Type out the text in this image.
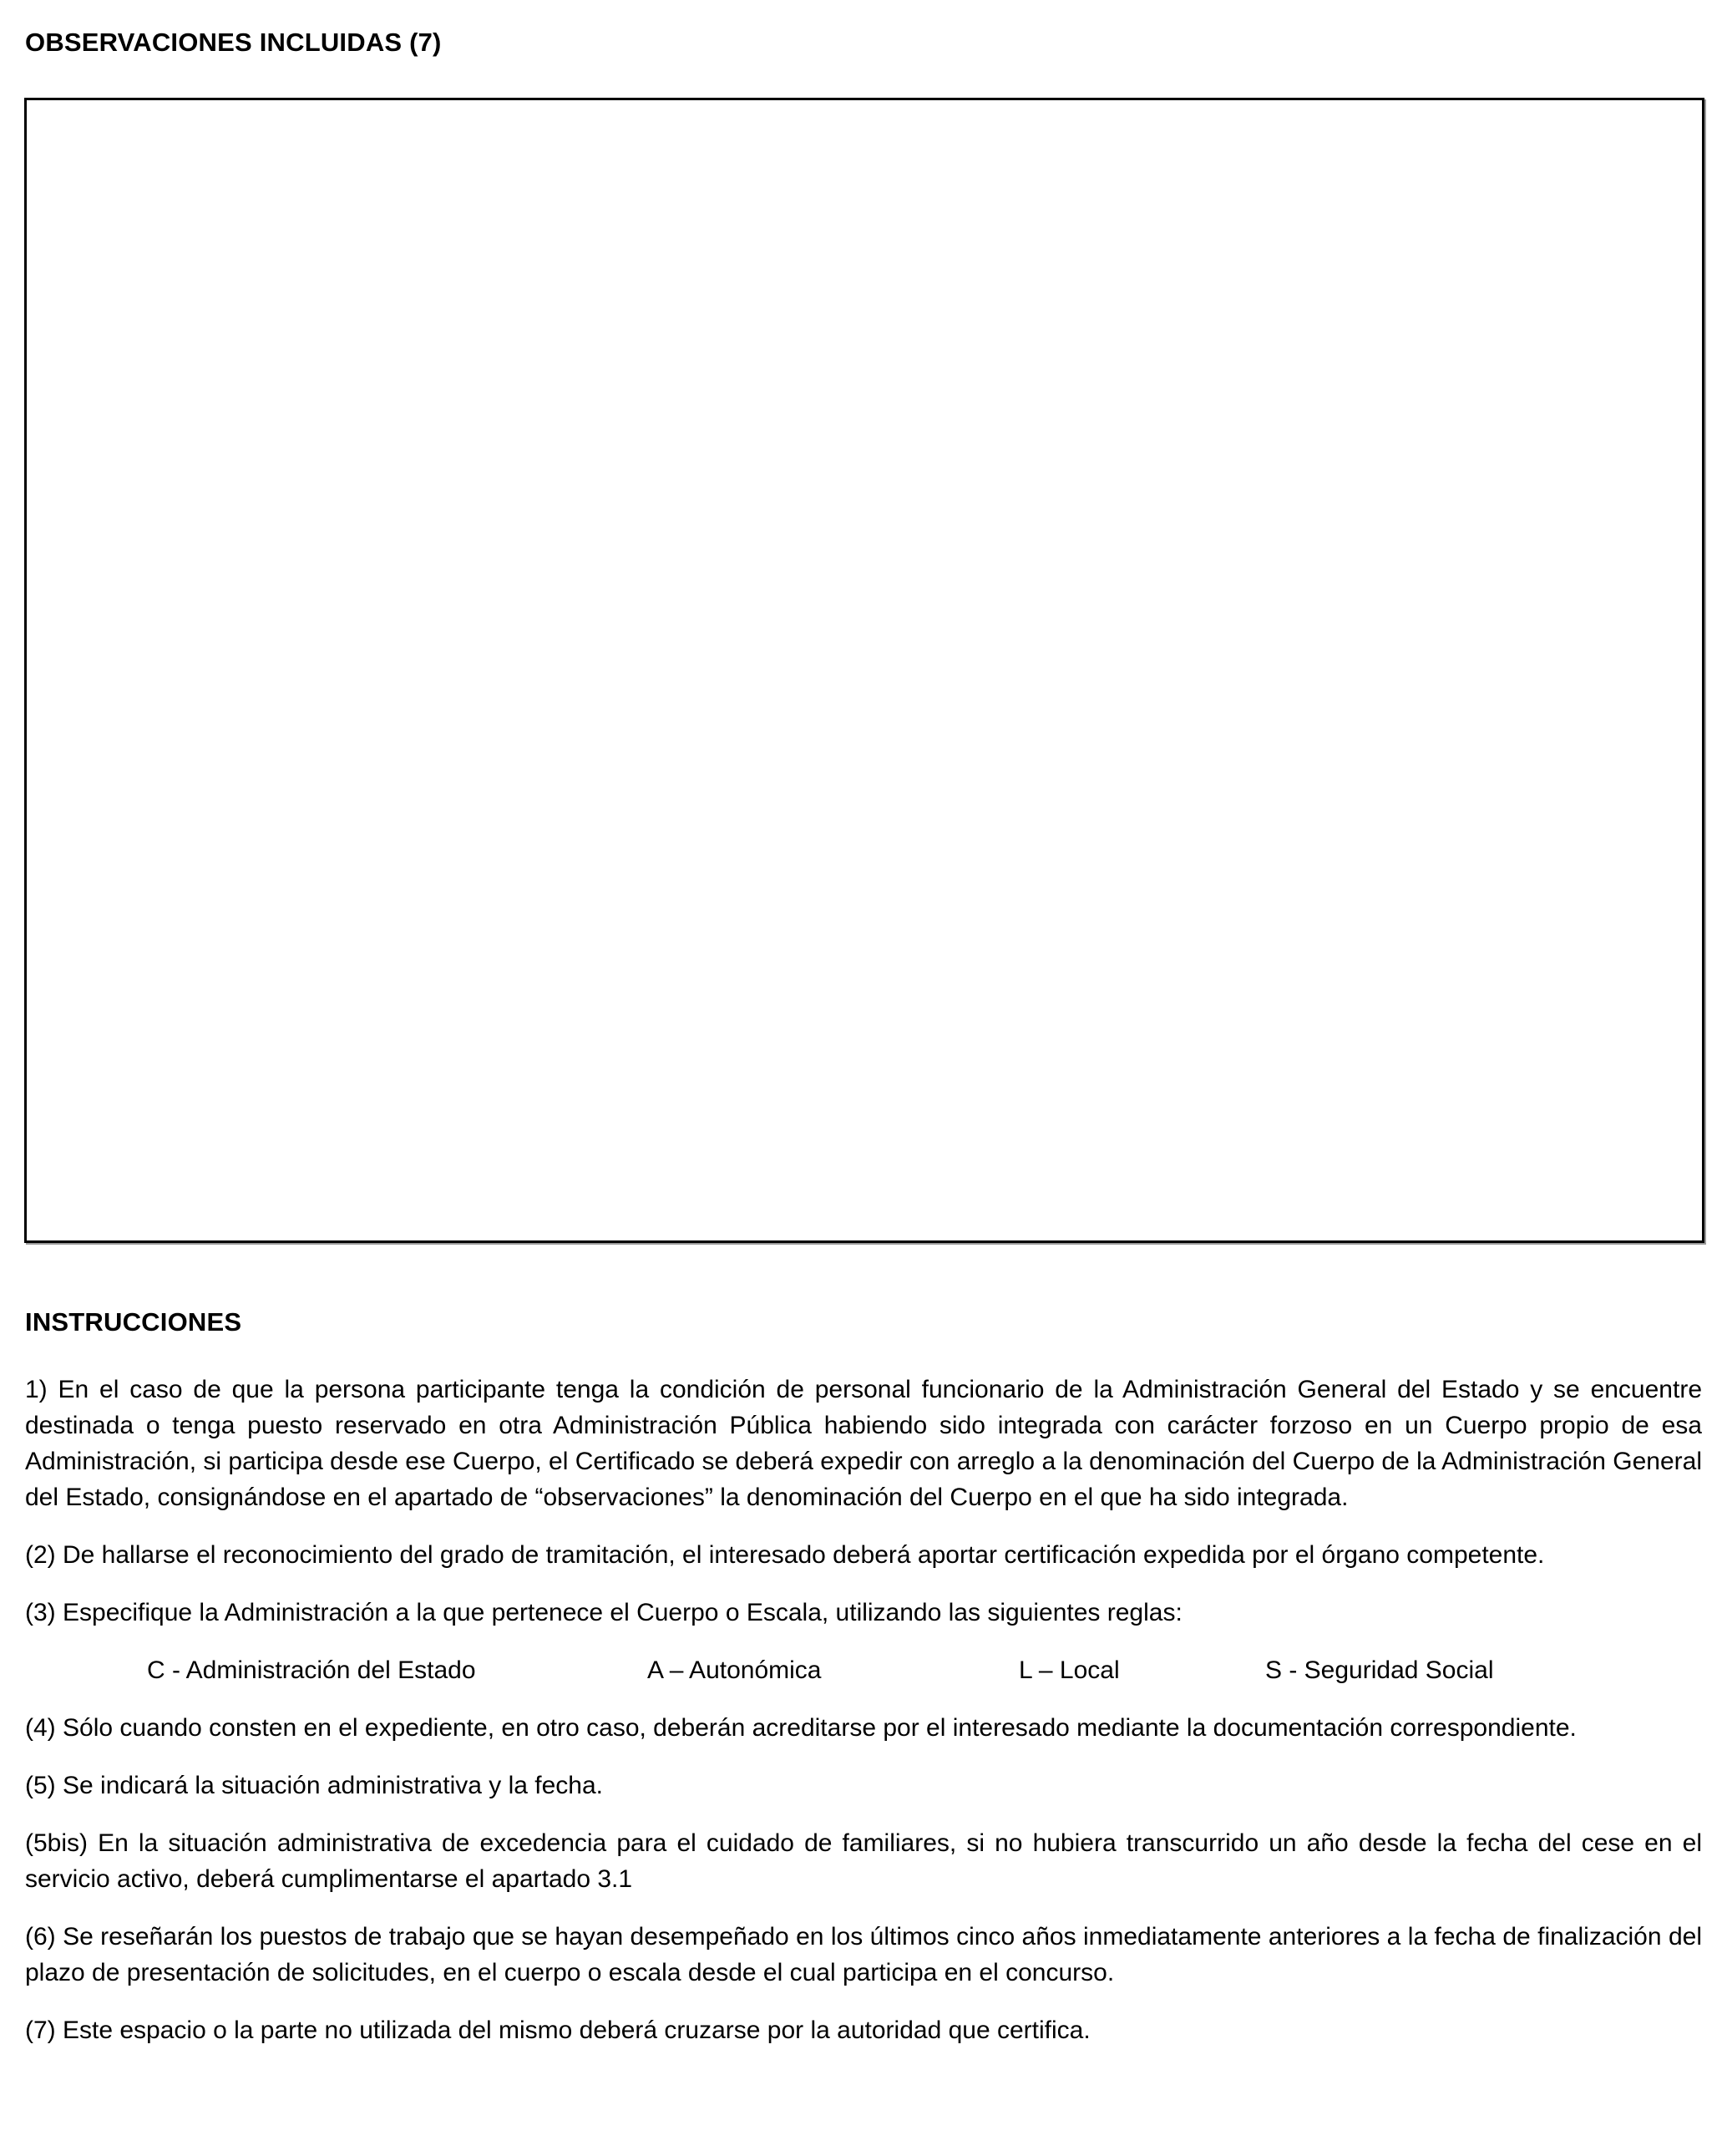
OBSERVACIONES INCLUIDAS (7)
INSTRUCCIONES

1) En el caso de que la persona participante tenga la condición de personal funcionario de la Administración General del Estado y se encuentre destinada o tenga puesto reservado en otra Administración Pública habiendo sido integrada con carácter forzoso en un Cuerpo propio de esa Administración, si participa desde ese Cuerpo, el Certificado se deberá expedir con arreglo a la denominación del Cuerpo de la Administración General del Estado, consignándose en el apartado de “observaciones” la denominación del Cuerpo en el que ha sido integrada.

(2) De hallarse el reconocimiento del grado de tramitación, el interesado deberá aportar certificación expedida por el órgano competente.

(3) Especifique la Administración a la que pertenece el Cuerpo o Escala, utilizando las siguientes reglas:

C - Administración del Estado	A – Autonómica	L – Local	S - Seguridad Social

(4) Sólo cuando consten en el expediente, en otro caso, deberán acreditarse por el interesado mediante la documentación correspondiente.

(5) Se indicará la situación administrativa y la fecha.

(5bis) En la situación administrativa de excedencia para el cuidado de familiares, si no hubiera transcurrido un año desde la fecha del cese en el servicio activo, deberá cumplimentarse el apartado 3.1

(6) Se reseñarán los puestos de trabajo que se hayan desempeñado en los últimos cinco años inmediatamente anteriores a la fecha de finalización del plazo de presentación de solicitudes, en el cuerpo o escala desde el cual participa en el concurso.

(7) Este espacio o la parte no utilizada del mismo deberá cruzarse por la autoridad que certifica.
